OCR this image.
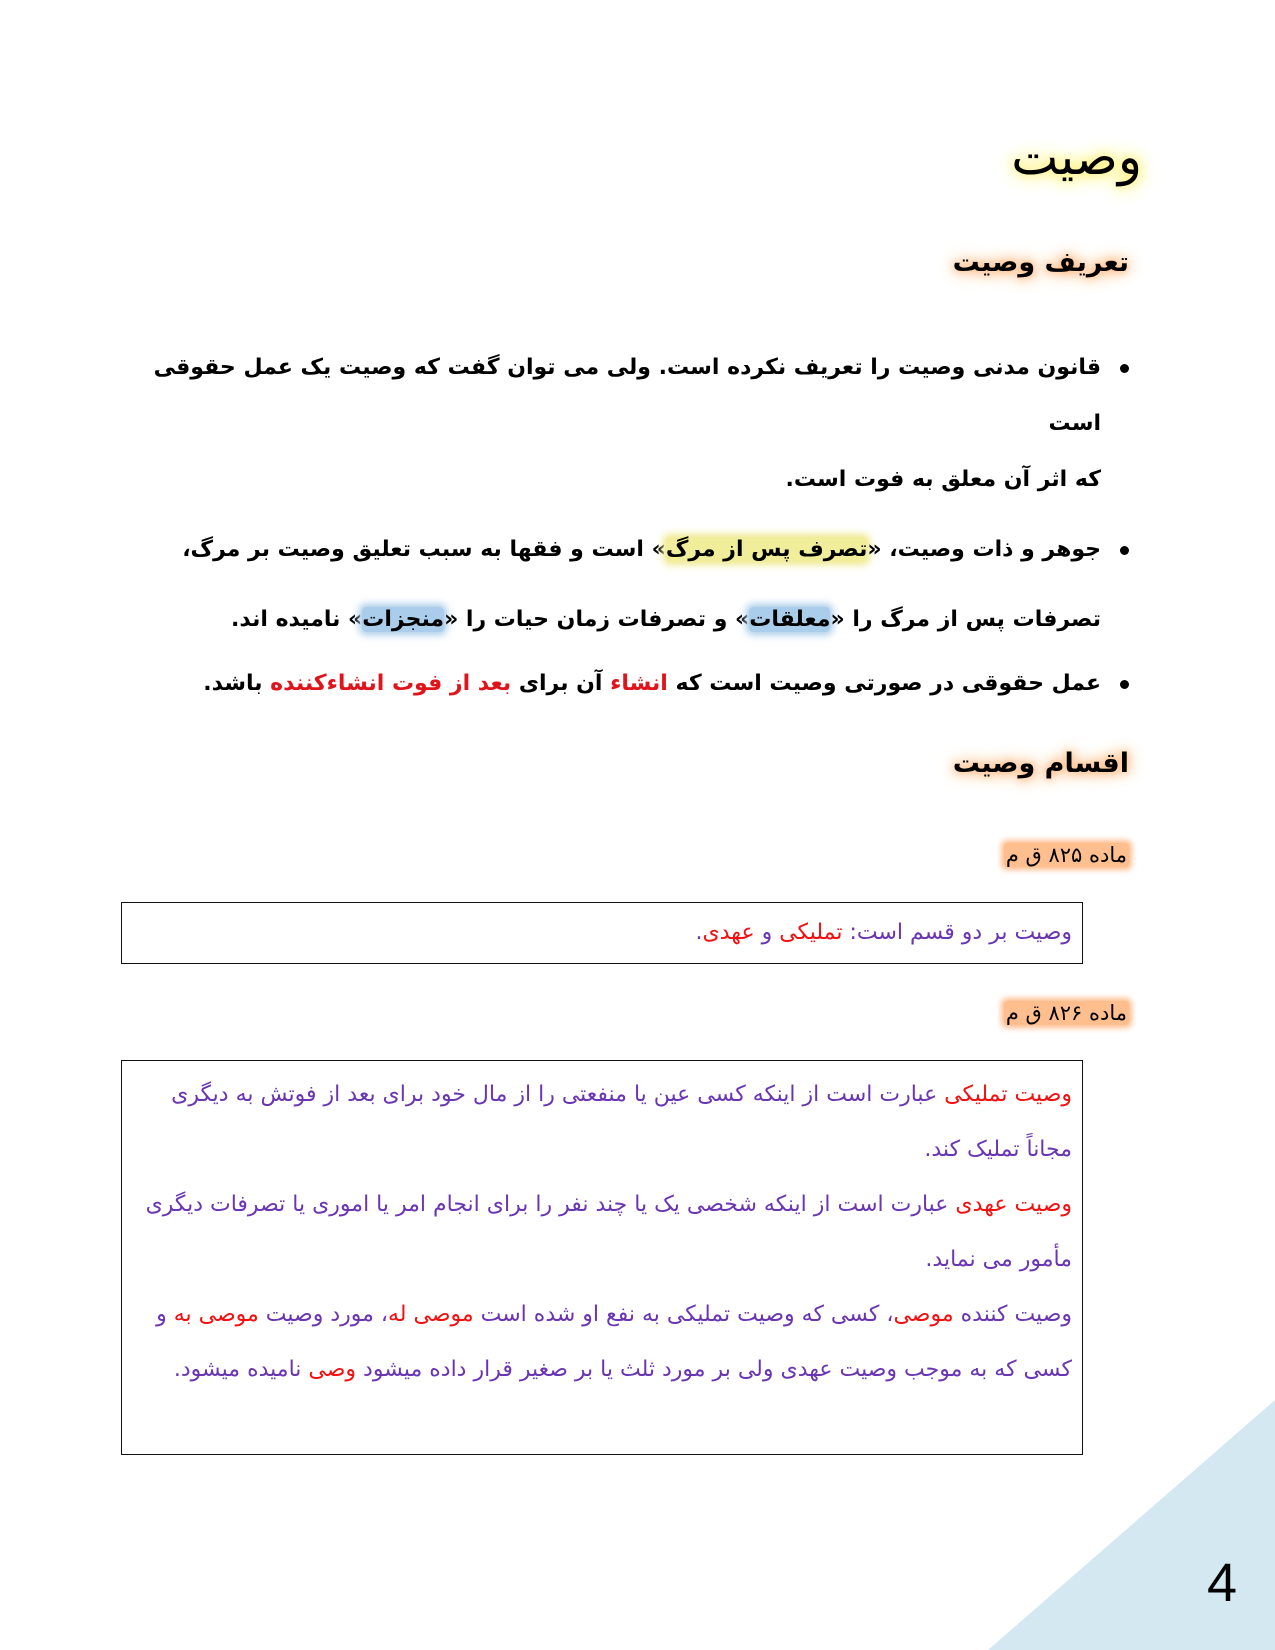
وصیت
تعریف وصیت
قانون مدنی وصیت را تعریف نکرده است. ولی می توان گفت که وصیت یک عمل حقوقی است
که اثر آن معلق به فوت است.
جوهر و ذات وصیت، «تصرف پس از مرگ» است و فقها به سبب تعلیق وصیت بر مرگ،
تصرفات پس از مرگ را «معلقات» و تصرفات زمان حیات را «منجزات» نامیده اند.
عمل حقوقی در صورتی وصیت است که انشاء آن برای بعد از فوت انشاءکننده باشد.
اقسام وصیت
ماده ۸۲۵ ق م
وصیت بر دو قسم است: تملیکی و عهدی.
ماده ۸۲۶ ق م
وصیت تملیکی عبارت است از اینکه کسی عین یا منفعتی را از مال خود برای بعد از فوتش به دیگری مجاناً تملیک کند.
وصیت عهدی عبارت است از اینکه شخصی یک یا چند نفر را برای انجام امر یا اموری یا تصرفات دیگری مأمور می نماید.
وصیت کننده موصی، کسی که وصیت تملیکی به نفع او شده است موصی له، مورد وصیت موصی به و کسی که به موجب وصیت عهدی ولی بر مورد ثلث یا بر صغیر قرار داده میشود وصی نامیده میشود.
4
